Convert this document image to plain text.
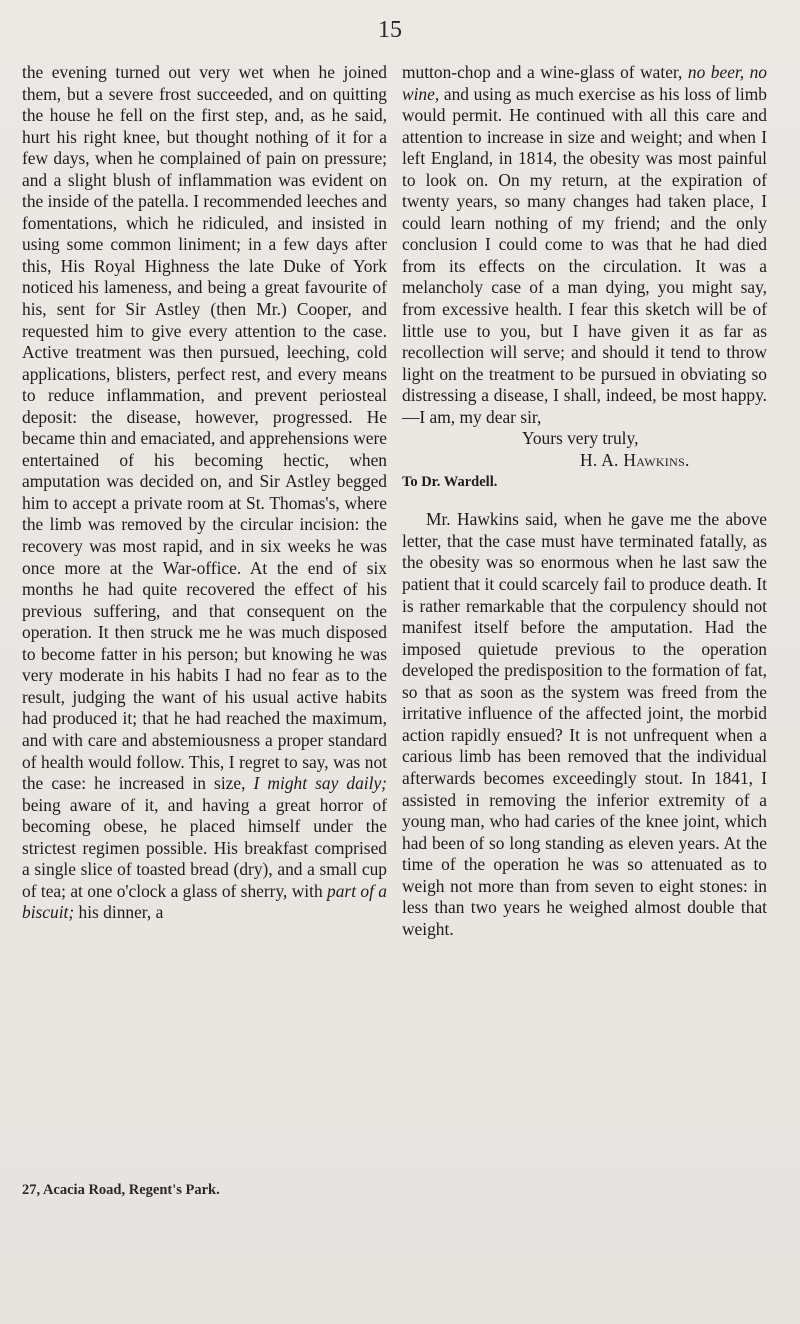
15

the evening turned out very wet when he joined them, but a severe frost succeeded, and on quitting the house he fell on the first step, and, as he said, hurt his right knee, but thought nothing of it for a few days, when he complained of pain on pressure; and a slight blush of inflammation was evident on the inside of the patella. I recommended leeches and fomentations, which he ridiculed, and insisted in using some common liniment; in a few days after this, His Royal Highness the late Duke of York noticed his lameness, and being a great favourite of his, sent for Sir Astley (then Mr.) Cooper, and requested him to give every attention to the case. Active treatment was then pursued, leeching, cold applications, blisters, perfect rest, and every means to reduce inflammation, and prevent periosteal deposit: the disease, however, progressed. He became thin and emaciated, and apprehensions were entertained of his becoming hectic, when amputation was decided on, and Sir Astley begged him to accept a private room at St. Thomas's, where the limb was removed by the circular incision: the recovery was most rapid, and in six weeks he was once more at the War-office. At the end of six months he had quite recovered the effect of his previous suffering, and that consequent on the operation. It then struck me he was much disposed to become fatter in his person; but knowing he was very moderate in his habits I had no fear as to the result, judging the want of his usual active habits had produced it; that he had reached the maximum, and with care and abstemiousness a proper standard of health would follow. This, I regret to say, was not the case: he increased in size, I might say daily; being aware of it, and having a great horror of becoming obese, he placed himself under the strictest regimen possible. His breakfast comprised a single slice of toasted bread (dry), and a small cup of tea; at one o'clock a glass of sherry, with part of a biscuit; his dinner, a

mutton-chop and a wine-glass of water, no beer, no wine, and using as much exercise as his loss of limb would permit. He continued with all this care and attention to increase in size and weight; and when I left England, in 1814, the obesity was most painful to look on. On my return, at the expiration of twenty years, so many changes had taken place, I could learn nothing of my friend; and the only conclusion I could come to was that he had died from its effects on the circulation. It was a melancholy case of a man dying, you might say, from excessive health. I fear this sketch will be of little use to you, but I have given it as far as recollection will serve; and should it tend to throw light on the treatment to be pursued in obviating so distressing a disease, I shall, indeed, be most happy.—I am, my dear sir,

Yours very truly,
H. A. Hawkins.
To Dr. Wardell.

Mr. Hawkins said, when he gave me the above letter, that the case must have terminated fatally, as the obesity was so enormous when he last saw the patient that it could scarcely fail to produce death. It is rather remarkable that the corpulency should not manifest itself before the amputation. Had the imposed quietude previous to the operation developed the predisposition to the formation of fat, so that as soon as the system was freed from the irritative influence of the affected joint, the morbid action rapidly ensued? It is not unfrequent when a carious limb has been removed that the individual afterwards becomes exceedingly stout. In 1841, I assisted in removing the inferior extremity of a young man, who had caries of the knee joint, which had been of so long standing as eleven years. At the time of the operation he was so attenuated as to weigh not more than from seven to eight stones: in less than two years he weighed almost double that weight.

27, Acacia Road, Regent's Park.
